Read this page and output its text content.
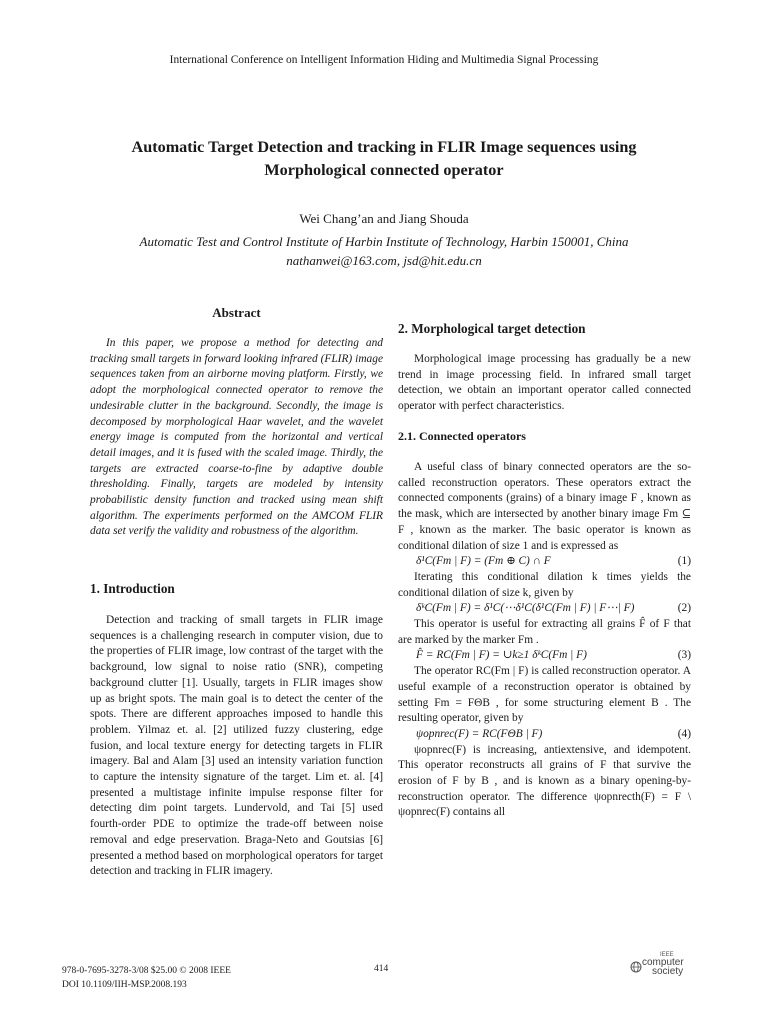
International Conference on Intelligent Information Hiding and Multimedia Signal Processing
Automatic Target Detection and tracking in FLIR Image sequences using
Morphological connected operator
Wei Chang’an and Jiang Shouda
Automatic Test and Control Institute of Harbin Institute of Technology, Harbin 150001, China
nathanwei@163.com, jsd@hit.edu.cn
Abstract

In this paper, we propose a method for detecting and tracking small targets in forward looking infrared (FLIR) image sequences taken from an airborne moving platform. Firstly, we adopt the morphological connected operator to remove the undesirable clutter in the background. Secondly, the image is decomposed by morphological Haar wavelet, and the wavelet energy image is computed from the horizontal and vertical detail images, and it is fused with the scaled image. Thirdly, the targets are extracted coarse-to-fine by adaptive double thresholding. Finally, targets are modeled by intensity probabilistic density function and tracked using mean shift algorithm. The experiments performed on the AMCOM FLIR data set verify the validity and robustness of the algorithm.

1. Introduction

Detection and tracking of small targets in FLIR image sequences is a challenging research in computer vision, due to the properties of FLIR image, low contrast of the target with the background, low signal to noise ratio (SNR), competing background clutter [1]. Usually, targets in FLIR images show up as bright spots. The main goal is to detect the center of the spots. There are different approaches imposed to handle this problem. Yilmaz et. al. [2] utilized fuzzy clustering, edge fusion, and local texture energy for detecting targets in FLIR imagery. Bal and Alam [3] used an intensity variation function to capture the intensity signature of the target. Lim et. al. [4] presented a multistage infinite impulse response filter for detecting dim point targets. Lundervold, and Tai [5] used fourth-order PDE to optimize the trade-off between noise removal and edge preservation. Braga-Neto and Goutsias [6] presented a method based on morphological operators for target detection and tracking in FLIR imagery.

2. Morphological target detection

Morphological image processing has gradually be a new trend in image processing field. In infrared small target detection, we obtain an important operator called connected operator with perfect characteristics.

2.1. Connected operators

A useful class of binary connected operators are the so-called reconstruction operators. These operators extract the connected components (grains) of a binary image F , known as the mask, which are intersected by another binary image Fm ⊆ F , known as the marker. The basic operator is known as conditional dilation of size 1 and is expressed as

δ¹C(Fm | F) = (Fm ⊕ C) ∩ F	(1)

Iterating this conditional dilation k times yields the conditional dilation of size k, given by

δᵏC(Fm | F) = δ¹C(⋯δ¹C(δ¹C(Fm | F) | F⋯| F)	(2)

This operator is useful for extracting all grains F̂ of F that are marked by the marker Fm .

F̂ = RC(Fm | F) = ∪k≥1 δᵏC(Fm | F)	(3)

The operator RC(Fm | F) is called reconstruction operator. A useful example of a reconstruction operator is obtained by setting Fm = FΘB , for some structuring element B . The resulting operator, given by

ψopnrec(F) = RC(FΘB | F)	(4)

ψopnrec(F) is increasing, antiextensive, and idempotent. This operator reconstructs all grains of F that survive the erosion of F by B , and is known as a binary opening-by-reconstruction operator. The difference ψopnrecth(F) = F \ ψopnrec(F) contains all

978-0-7695-3278-3/08 $25.00 © 2008 IEEE
DOI 10.1109/IIH-MSP.2008.193
414
IEEE
computer
society
